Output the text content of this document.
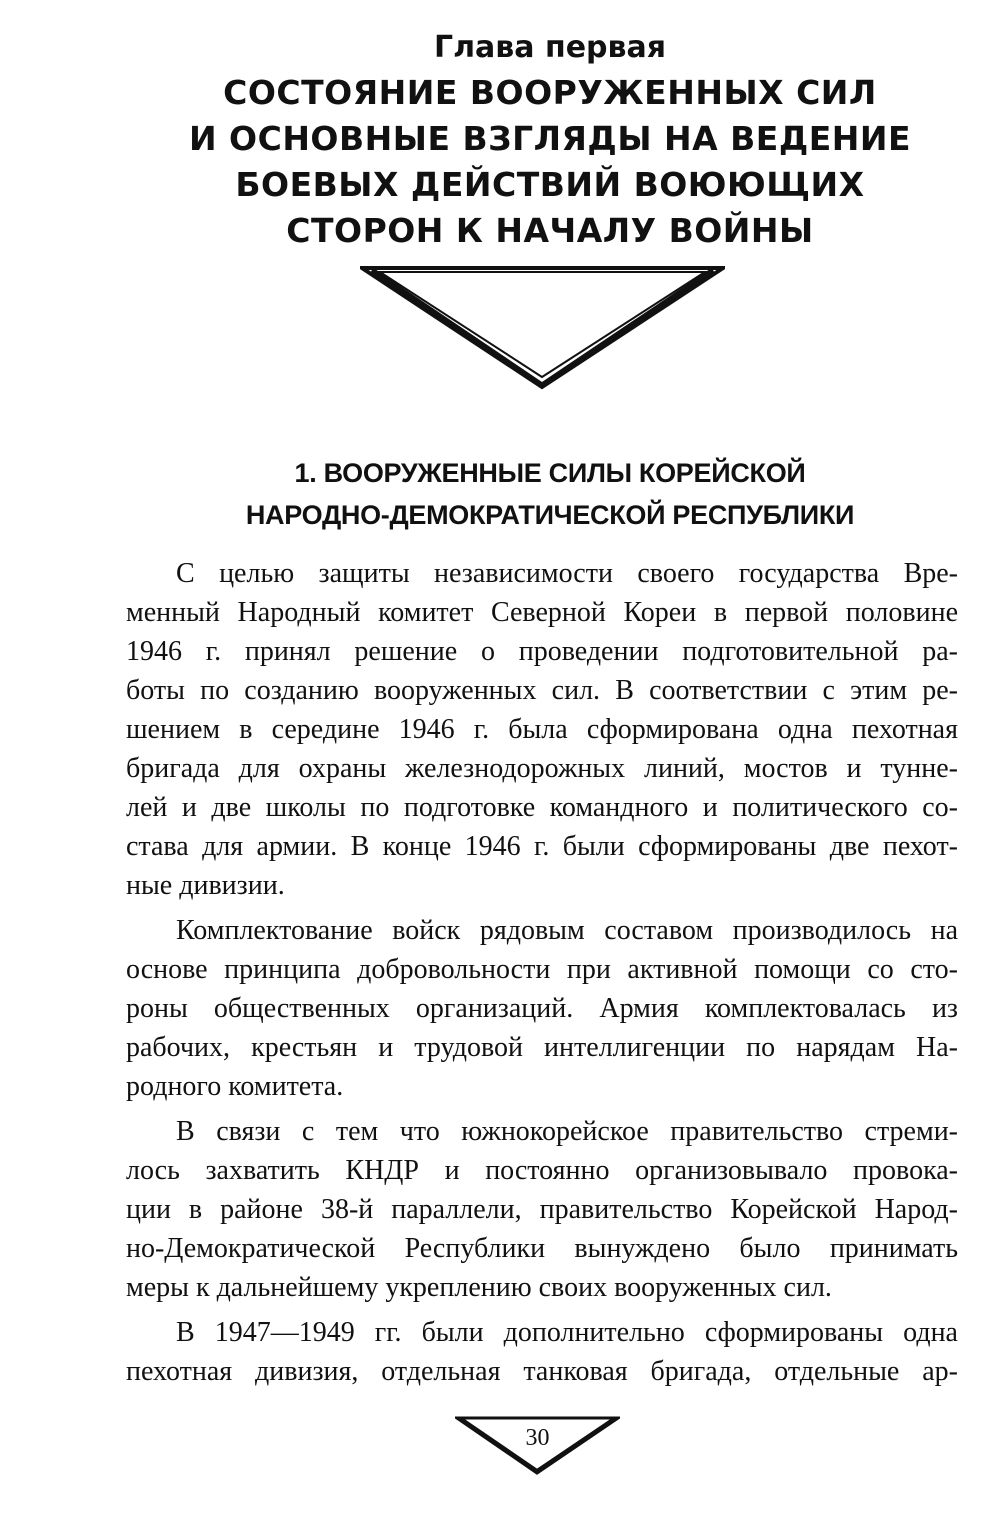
Глава первая
СОСТОЯНИЕ ВООРУЖЕННЫХ СИЛ
И ОСНОВНЫЕ ВЗГЛЯДЫ НА ВЕДЕНИЕ
БОЕВЫХ ДЕЙСТВИЙ ВОЮЮЩИХ
СТОРОН К НАЧАЛУ ВОЙНЫ
1. ВООРУЖЕННЫЕ СИЛЫ КОРЕЙСКОЙ
НАРОДНО-ДЕМОКРАТИЧЕСКОЙ РЕСПУБЛИКИ

С целью защиты независимости своего государства Вре-
менный Народный комитет Северной Кореи в первой половине
1946 г. принял решение о проведении подготовительной ра-
боты по созданию вооруженных сил. В соответствии с этим ре-
шением в середине 1946 г. была сформирована одна пехотная
бригада для охраны железнодорожных линий, мостов и тунне-
лей и две школы по подготовке командного и политического со-
става для армии. В конце 1946 г. были сформированы две пехот-
ные дивизии.

Комплектование войск рядовым составом производилось на
основе принципа добровольности при активной помощи со сто-
роны общественных организаций. Армия комплектовалась из
рабочих, крестьян и трудовой интеллигенции по нарядам На-
родного комитета.

В связи с тем что южнокорейское правительство стреми-
лось захватить КНДР и постоянно организовывало провока-
ции в районе 38-й параллели, правительство Корейской Народ-
но-Демократической Республики вынуждено было принимать
меры к дальнейшему укреплению своих вооруженных сил.

В 1947—1949 гг. были дополнительно сформированы одна
пехотная дивизия, отдельная танковая бригада, отдельные ар-

30
